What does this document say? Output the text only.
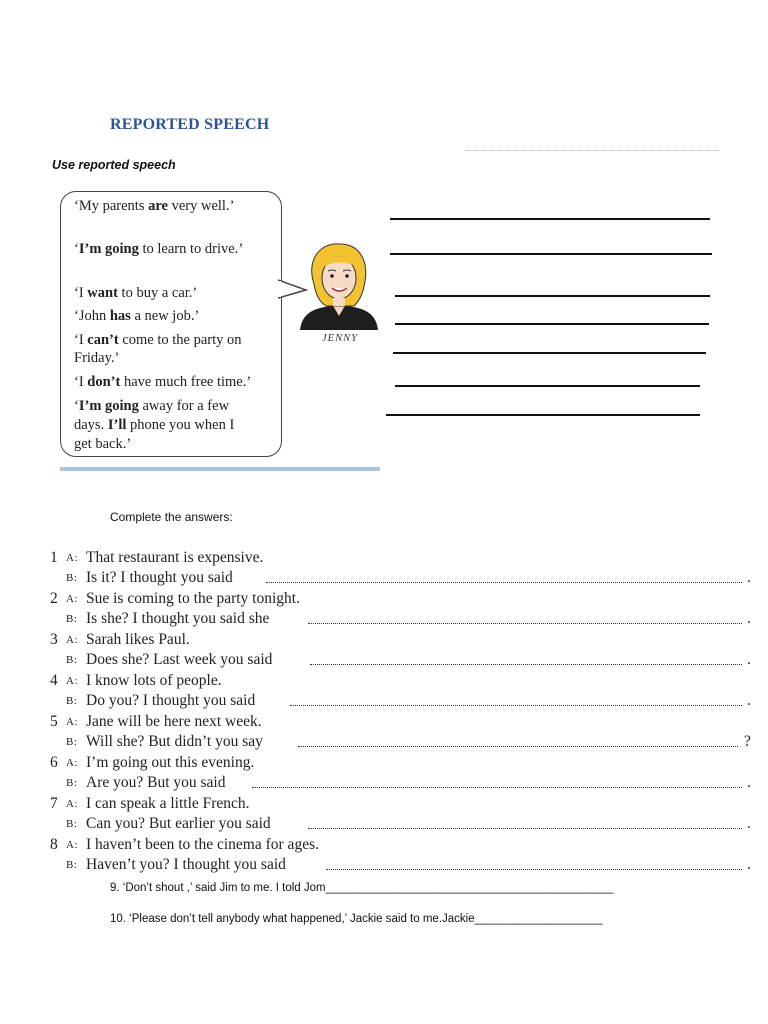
REPORTED SPEECH
Use reported speech
‘My parents are very well.’
‘I’m going to learn to drive.’
‘I want to buy a car.’
‘John has a new job.’
‘I can’t come to the party on
Friday.’
‘I don’t have much free time.’
‘I’m going away for a few
days. I’ll phone you when I
get back.’
JENNY
Complete the answers:
1 A: That restaurant is expensive.
B: Is it? I thought you said	.
2 A: Sue is coming to the party tonight.
B: Is she? I thought you said she	.
3 A: Sarah likes Paul.
B: Does she? Last week you said	.
4 A: I know lots of people.
B: Do you? I thought you said	.
5 A: Jane will be here next week.
B: Will she? But didn’t you say	?
6 A: I’m going out this evening.
B: Are you? But you said	.
7 A: I can speak a little French.
B: Can you? But earlier you said	.
8 A: I haven’t been to the cinema for ages.
B: Haven’t you? I thought you said	.
9. ‘Don’t shout ,’ said Jim to me. I told Jom_____________________________________________
10. ‘Please don’t tell anybody what happened,’ Jackie said to me.Jackie____________________
